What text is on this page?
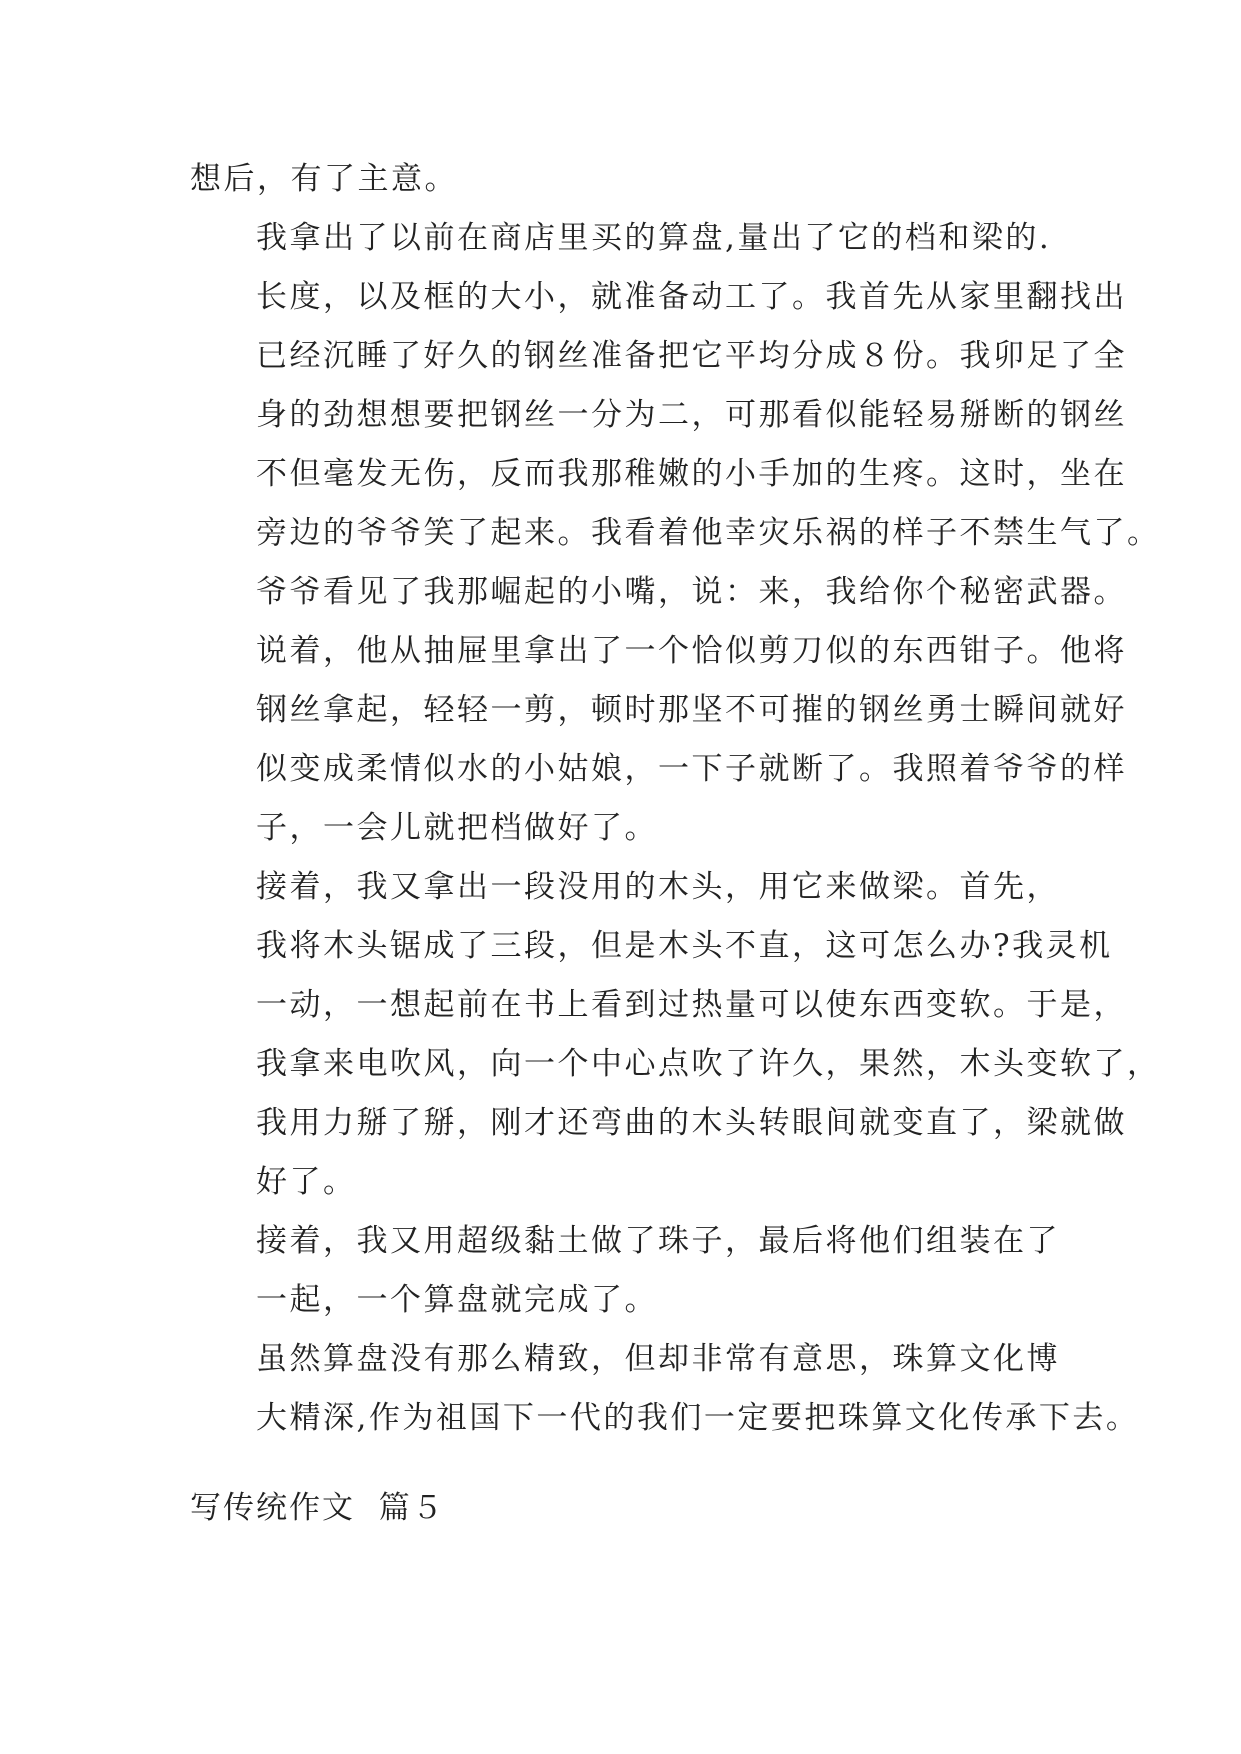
想后，有了主意。

我拿出了以前在商店里买的算盘,量出了它的档和梁的.
长度，以及框的大小，就准备动工了。我首先从家里翻找出
已经沉睡了好久的钢丝准备把它平均分成８份。我卯足了全
身的劲想想要把钢丝一分为二，可那看似能轻易掰断的钢丝
不但毫发无伤，反而我那稚嫩的小手加的生疼。这时，坐在
旁边的爷爷笑了起来。我看着他幸灾乐祸的样子不禁生气了。
爷爷看见了我那崛起的小嘴，说：来，我给你个秘密武器。
说着，他从抽屉里拿出了一个恰似剪刀似的东西钳子。他将
钢丝拿起，轻轻一剪，顿时那坚不可摧的钢丝勇士瞬间就好
似变成柔情似水的小姑娘，一下子就断了。我照着爷爷的样
子，一会儿就把档做好了。

接着，我又拿出一段没用的木头，用它来做梁。首先，
我将木头锯成了三段，但是木头不直，这可怎么办?我灵机
一动，一想起前在书上看到过热量可以使东西变软。于是，
我拿来电吹风，向一个中心点吹了许久，果然，木头变软了，
我用力掰了掰，刚才还弯曲的木头转眼间就变直了，梁就做
好了。

接着，我又用超级黏土做了珠子，最后将他们组装在了
一起，一个算盘就完成了。

虽然算盘没有那么精致，但却非常有意思，珠算文化博
大精深,作为祖国下一代的我们一定要把珠算文化传承下去。

写传统作文  篇５
